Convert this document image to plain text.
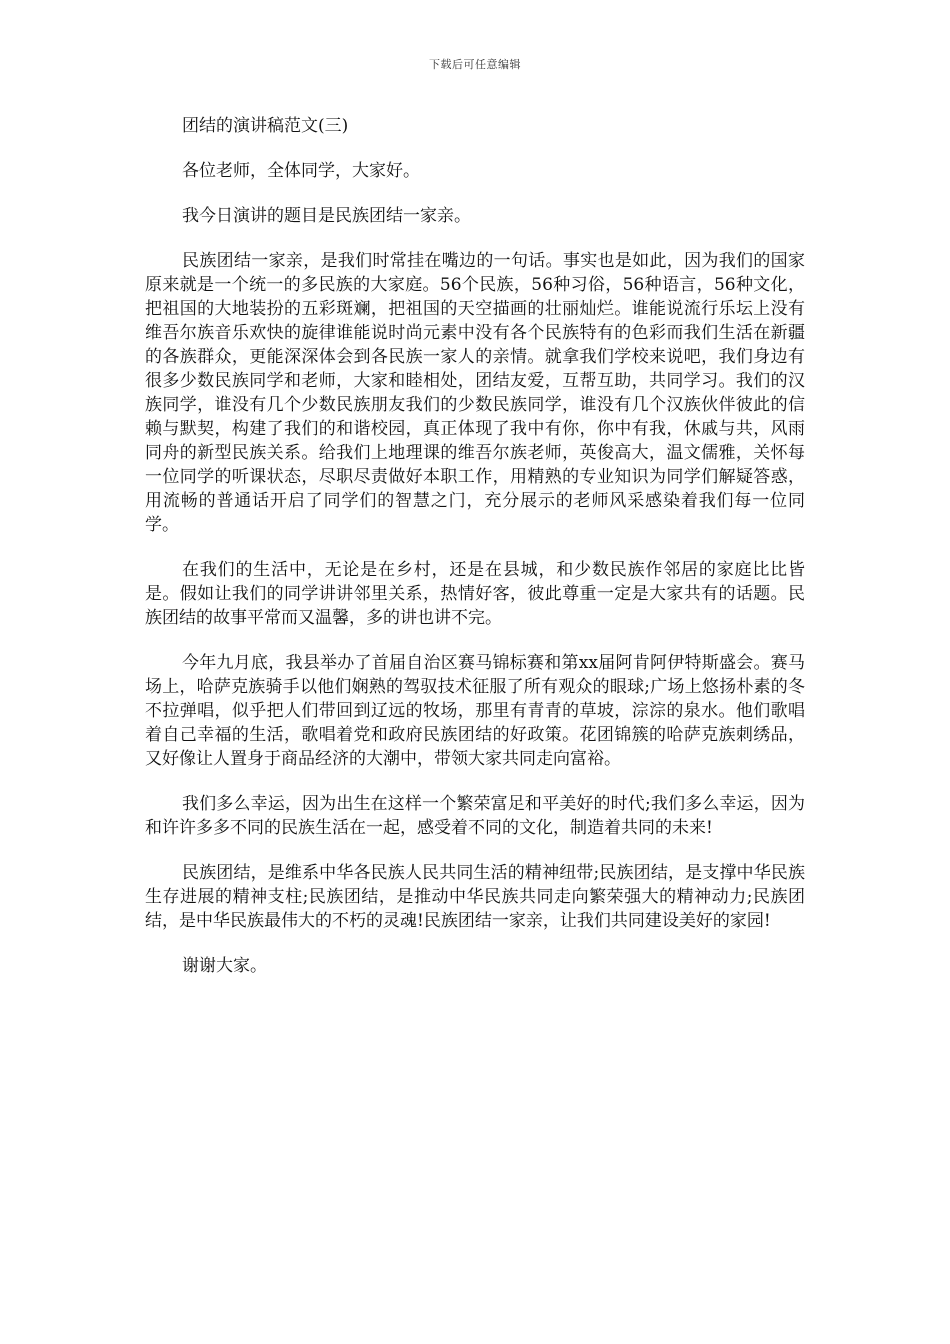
下载后可任意编辑

团结的演讲稿范文(三)

各位老师，全体同学，大家好。

我今日演讲的题目是民族团结一家亲。

民族团结一家亲，是我们时常挂在嘴边的一句话。事实也是如此，因为我们的国家原来就是一个统一的多民族的大家庭。56个民族，56种习俗，56种语言，56种文化，把祖国的大地装扮的五彩斑斓，把祖国的天空描画的壮丽灿烂。谁能说流行乐坛上没有维吾尔族音乐欢快的旋律谁能说时尚元素中没有各个民族特有的色彩而我们生活在新疆的各族群众，更能深深体会到各民族一家人的亲情。就拿我们学校来说吧，我们身边有很多少数民族同学和老师，大家和睦相处，团结友爱，互帮互助，共同学习。我们的汉族同学，谁没有几个少数民族朋友我们的少数民族同学，谁没有几个汉族伙伴彼此的信赖与默契，构建了我们的和谐校园，真正体现了我中有你，你中有我，休戚与共，风雨同舟的新型民族关系。给我们上地理课的维吾尔族老师，英俊高大，温文儒雅，关怀每一位同学的听课状态，尽职尽责做好本职工作，用精熟的专业知识为同学们解疑答惑，用流畅的普通话开启了同学们的智慧之门，充分展示的老师风采感染着我们每一位同学。

在我们的生活中，无论是在乡村，还是在县城，和少数民族作邻居的家庭比比皆是。假如让我们的同学讲讲邻里关系，热情好客，彼此尊重一定是大家共有的话题。民族团结的故事平常而又温馨，多的讲也讲不完。

今年九月底，我县举办了首届自治区赛马锦标赛和第xx届阿肯阿伊特斯盛会。赛马场上，哈萨克族骑手以他们娴熟的驾驭技术征服了所有观众的眼球;广场上悠扬朴素的冬不拉弹唱，似乎把人们带回到辽远的牧场，那里有青青的草坡，淙淙的泉水。他们歌唱着自己幸福的生活，歌唱着党和政府民族团结的好政策。花团锦簇的哈萨克族刺绣品，又好像让人置身于商品经济的大潮中，带领大家共同走向富裕。

我们多么幸运，因为出生在这样一个繁荣富足和平美好的时代;我们多么幸运，因为和许许多多不同的民族生活在一起，感受着不同的文化，制造着共同的未来!

民族团结，是维系中华各民族人民共同生活的精神纽带;民族团结，是支撑中华民族生存进展的精神支柱;民族团结，是推动中华民族共同走向繁荣强大的精神动力;民族团结，是中华民族最伟大的不朽的灵魂!民族团结一家亲，让我们共同建设美好的家园!

谢谢大家。
